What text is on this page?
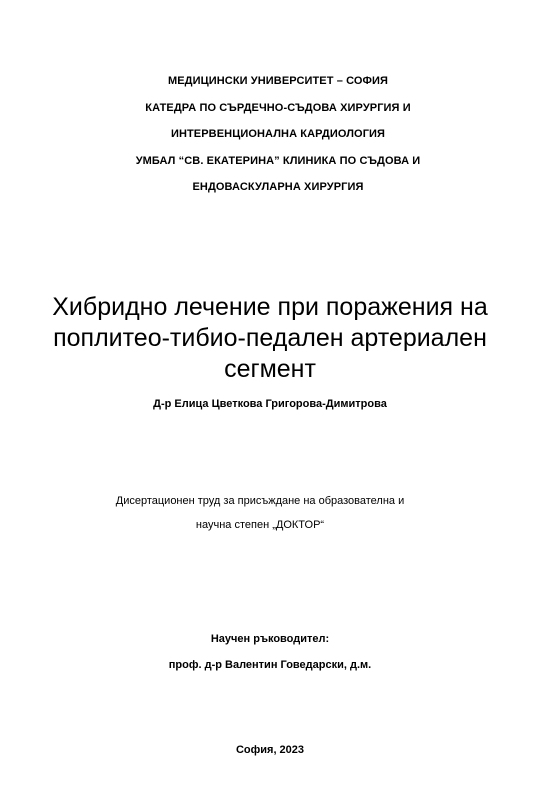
МЕДИЦИНСКИ УНИВЕРСИТЕТ – СОФИЯ
КАТЕДРА ПО СЪРДЕЧНО-СЪДОВА ХИРУРГИЯ И
ИНТЕРВЕНЦИОНАЛНА КАРДИОЛОГИЯ
УМБАЛ “СВ. ЕКАТЕРИНА” КЛИНИКА ПО СЪДОВА И
ЕНДОВАСКУЛАРНА ХИРУРГИЯ
Хибридно лечение при поражения на
поплитео-тибио-педален артериален
сегмент
Д-р Елица Цветкова Григорова-Димитрова
Дисертационен труд за присъждане на образователна и
научна степен „ДОКТОР“
Научен ръководител:
проф. д-р Валентин Говедарски, д.м.
София, 2023
